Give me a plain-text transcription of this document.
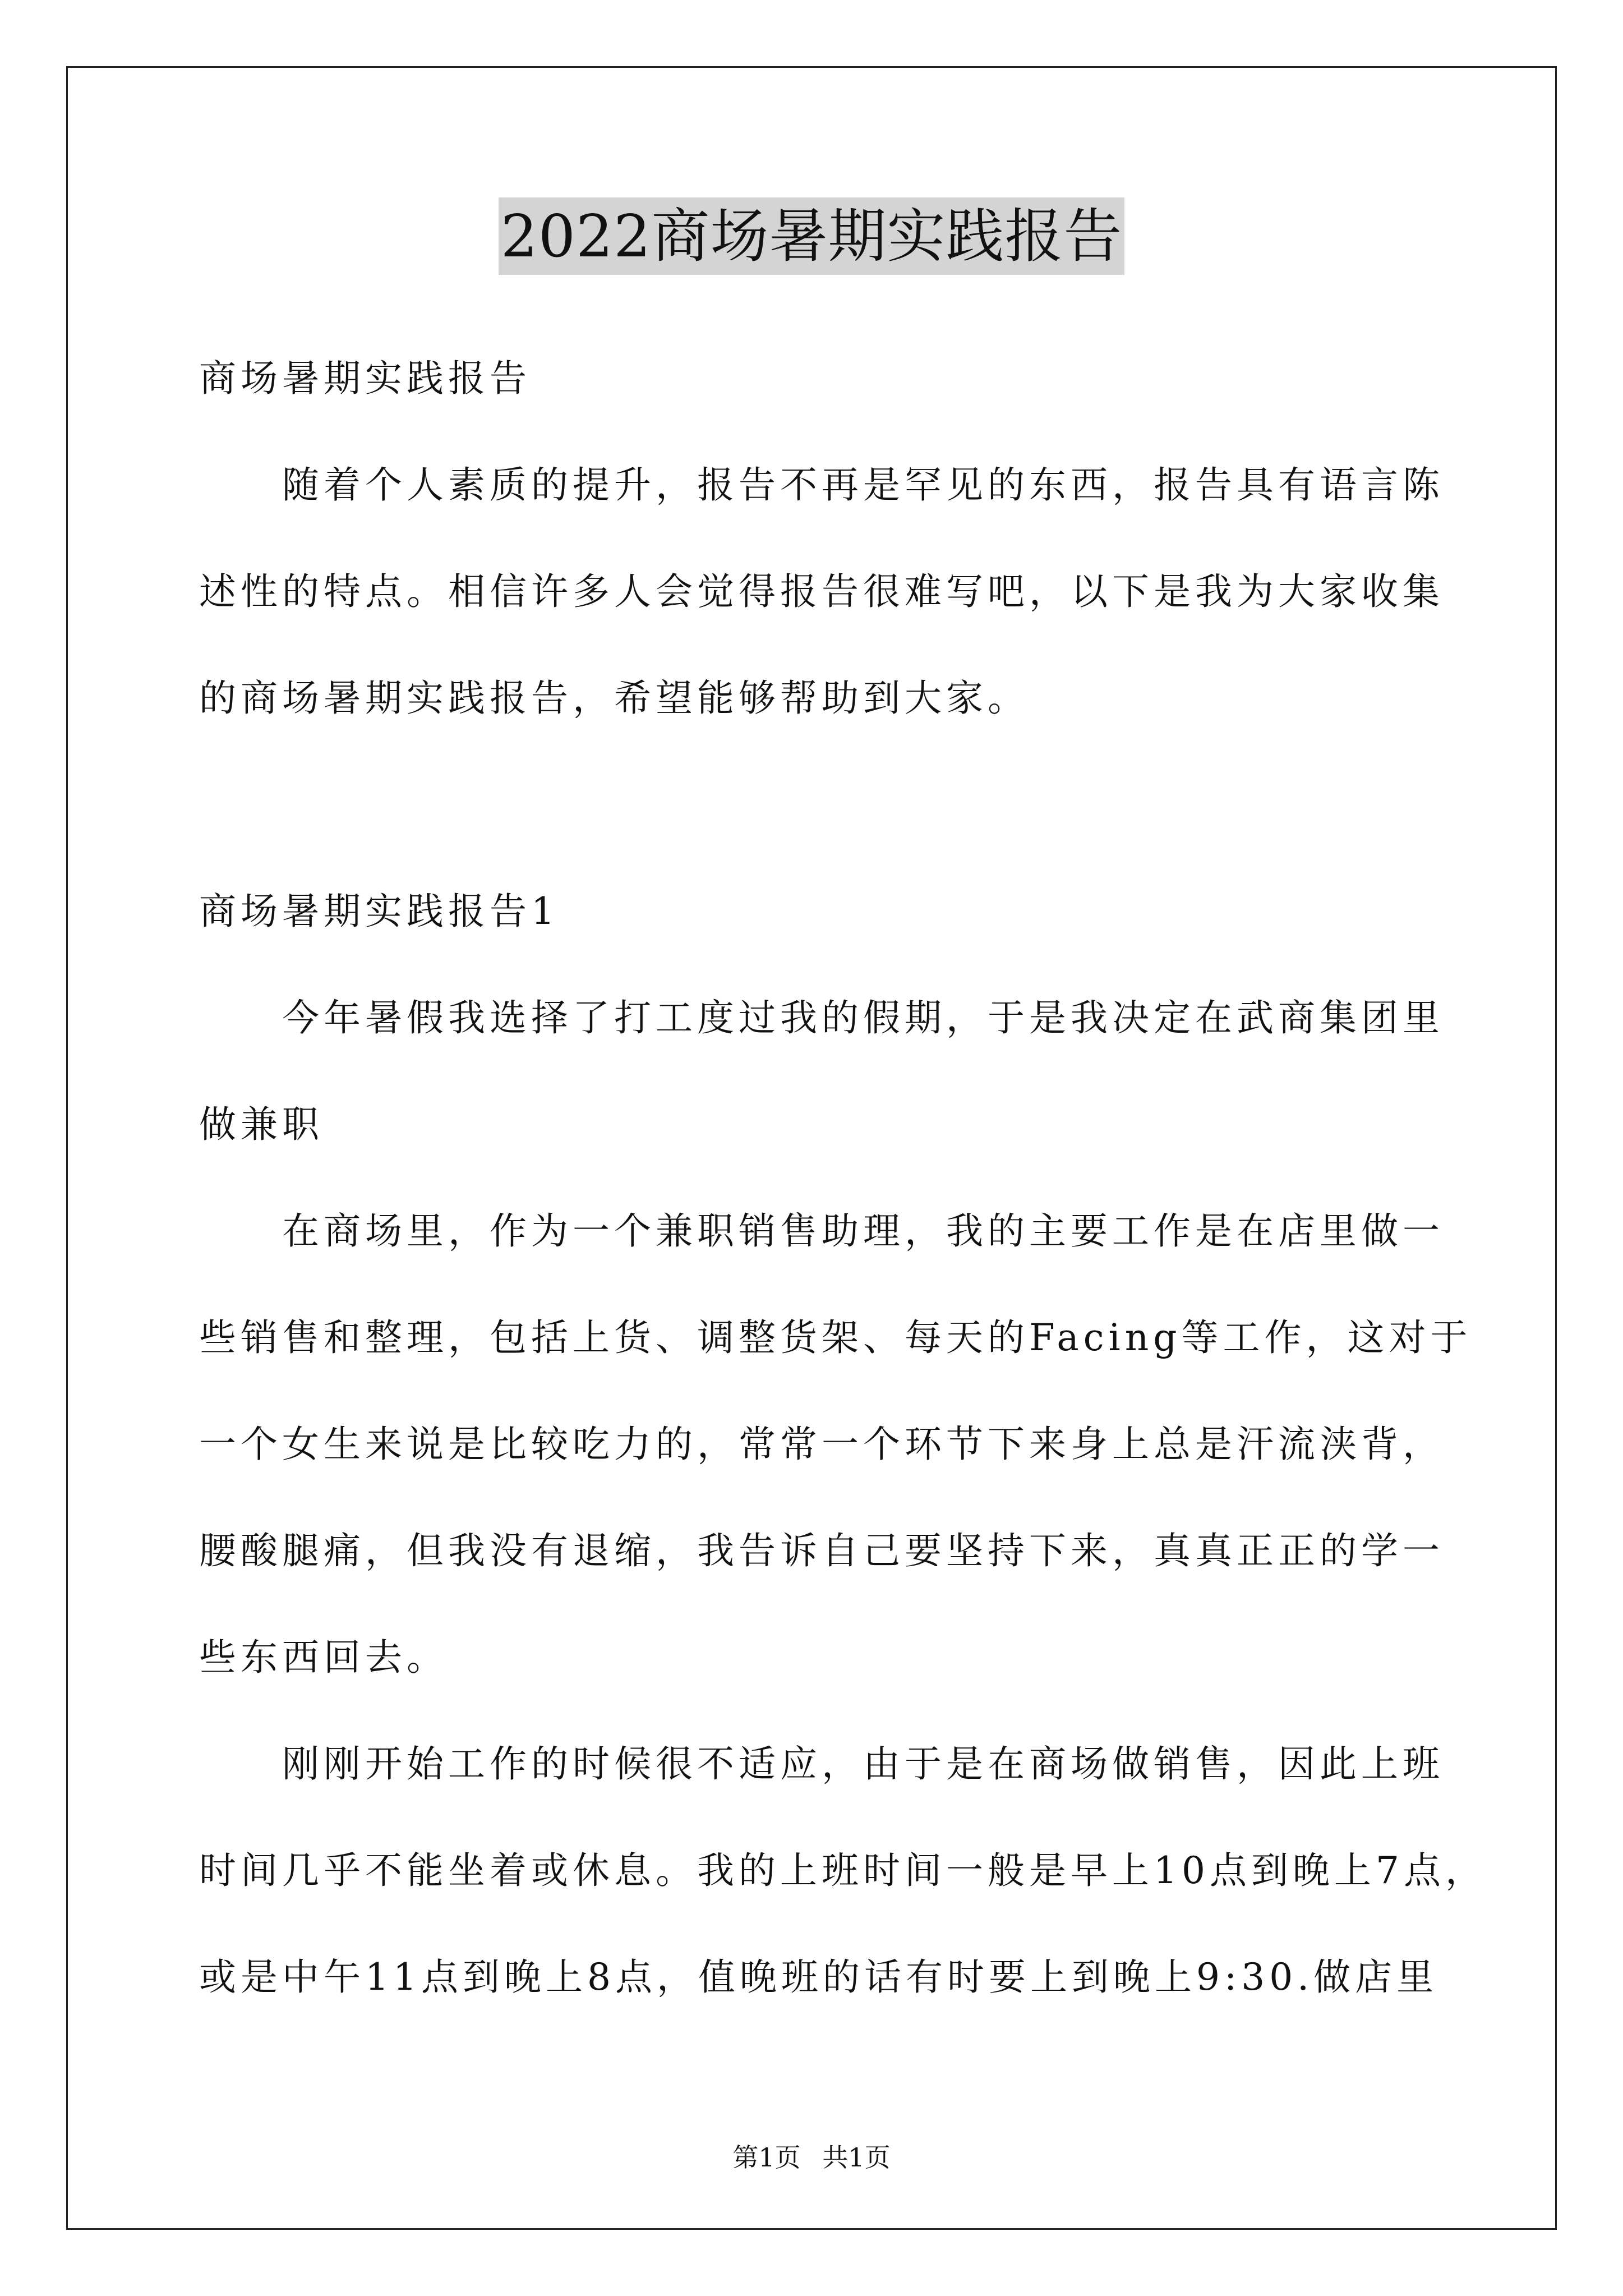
2022商场暑期实践报告
商场暑期实践报告
随着个人素质的提升，报告不再是罕见的东西，报告具有语言陈
述性的特点。相信许多人会觉得报告很难写吧，以下是我为大家收集
的商场暑期实践报告，希望能够帮助到大家。
商场暑期实践报告1
今年暑假我选择了打工度过我的假期，于是我决定在武商集团里
做兼职
在商场里，作为一个兼职销售助理，我的主要工作是在店里做一
些销售和整理，包括上货、调整货架、每天的Facing等工作，这对于
一个女生来说是比较吃力的，常常一个环节下来身上总是汗流浃背，
腰酸腿痛，但我没有退缩，我告诉自己要坚持下来，真真正正的学一
些东西回去。
刚刚开始工作的时候很不适应，由于是在商场做销售，因此上班
时间几乎不能坐着或休息。我的上班时间一般是早上10点到晚上7点，
或是中午11点到晚上8点，值晚班的话有时要上到晚上9:30.做店里
第1页 共1页
